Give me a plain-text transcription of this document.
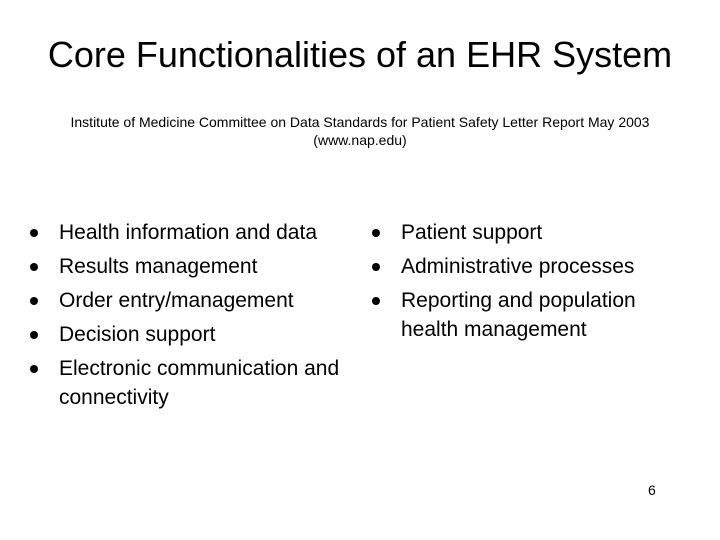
Core Functionalities of an EHR System
Institute of Medicine Committee on Data Standards for Patient Safety Letter Report May 2003
(www.nap.edu)
Health information and data
Results management
Order entry/management
Decision support
Electronic communication and connectivity
Patient support
Administrative processes
Reporting and population health management
6
